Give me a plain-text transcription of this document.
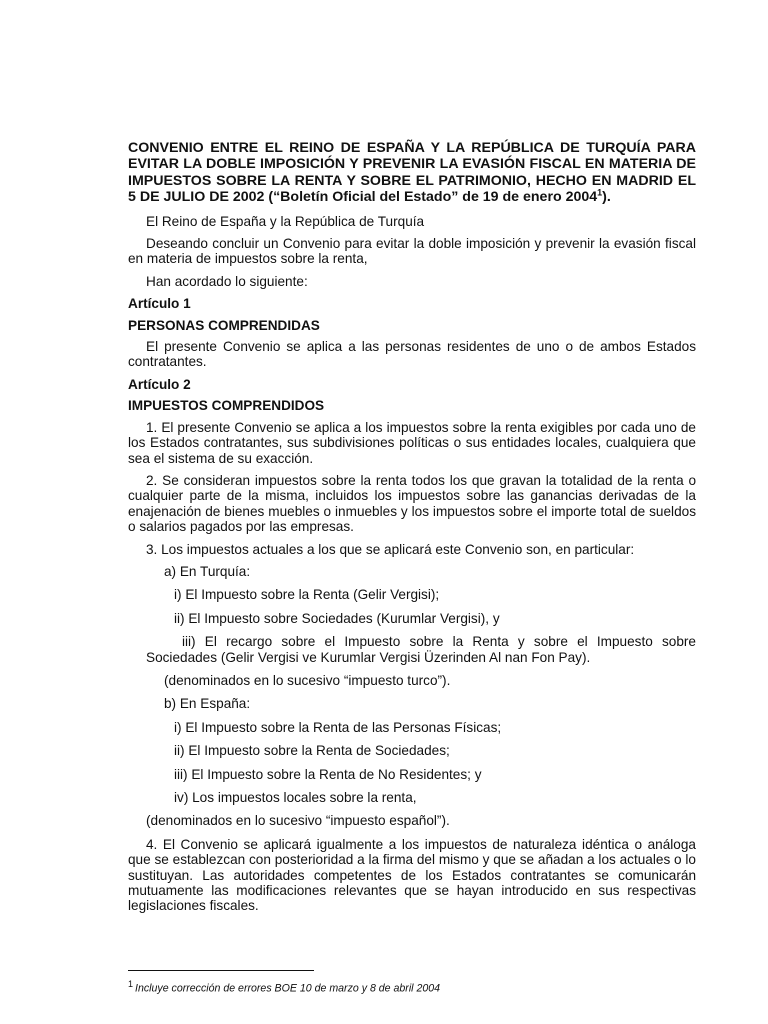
CONVENIO ENTRE EL REINO DE ESPAÑA Y LA REPÚBLICA DE TURQUÍA PARA EVITAR LA DOBLE IMPOSICIÓN Y PREVENIR LA EVASIÓN FISCAL EN MATERIA DE IMPUESTOS SOBRE LA RENTA Y SOBRE EL PATRIMONIO, HECHO EN MADRID EL 5 DE JULIO DE 2002 (“Boletín Oficial del Estado” de 19 de enero 2004$^1$).

El Reino de España y la República de Turquía

Deseando concluir un Convenio para evitar la doble imposición y prevenir la evasión fiscal en materia de impuestos sobre la renta,

Han acordado lo siguiente:

Artículo 1

PERSONAS COMPRENDIDAS

El presente Convenio se aplica a las personas residentes de uno o de ambos Estados contratantes.

Artículo 2

IMPUESTOS COMPRENDIDOS

1. El presente Convenio se aplica a los impuestos sobre la renta exigibles por cada uno de los Estados contratantes, sus subdivisiones políticas o sus entidades locales, cualquiera que sea el sistema de su exacción.

2. Se consideran impuestos sobre la renta todos los que gravan la totalidad de la renta o cualquier parte de la misma, incluidos los impuestos sobre las ganancias derivadas de la enajenación de bienes muebles o inmuebles y los impuestos sobre el importe total de sueldos o salarios pagados por las empresas.

3. Los impuestos actuales a los que se aplicará este Convenio son, en particular:

a) En Turquía:

i) El Impuesto sobre la Renta (Gelir Vergisi);

ii) El Impuesto sobre Sociedades (Kurumlar Vergisi), y

iii) El recargo sobre el Impuesto sobre la Renta y sobre el Impuesto sobre Sociedades (Gelir Vergisi ve Kurumlar Vergisi Üzerinden Al nan Fon Pay).

(denominados en lo sucesivo “impuesto turco”).

b) En España:

i) El Impuesto sobre la Renta de las Personas Físicas;

ii) El Impuesto sobre la Renta de Sociedades;

iii) El Impuesto sobre la Renta de No Residentes; y

iv) Los impuestos locales sobre la renta,

(denominados en lo sucesivo “impuesto español”).

4. El Convenio se aplicará igualmente a los impuestos de naturaleza idéntica o análoga que se establezcan con posterioridad a la firma del mismo y que se añadan a los actuales o lo sustituyan. Las autoridades competentes de los Estados contratantes se comunicarán mutuamente las modificaciones relevantes que se hayan introducido en sus respectivas legislaciones fiscales.

$^1$ Incluye corrección de errores BOE 10 de marzo y 8 de abril 2004
